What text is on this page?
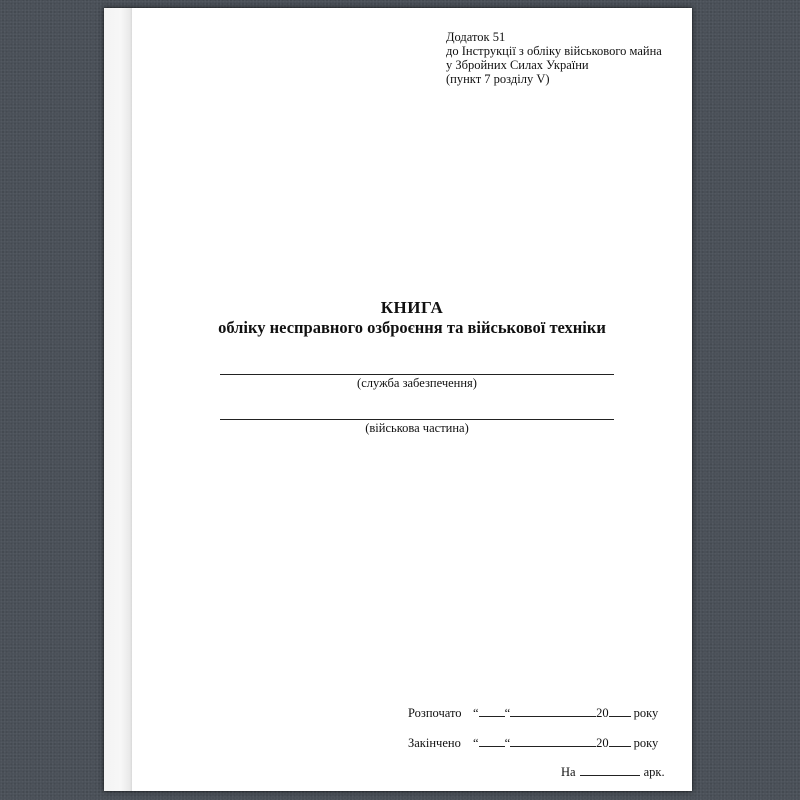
Додаток 51
до Інструкції з обліку військового майна
у Збройних Силах України
(пункт 7 розділу V)
КНИГА
обліку несправного озброєння та військової техніки
(служба забезпечення)
(військова частина)
Розпочато “ “	20 року
Закінчено “ “	20 року
На	арк.
